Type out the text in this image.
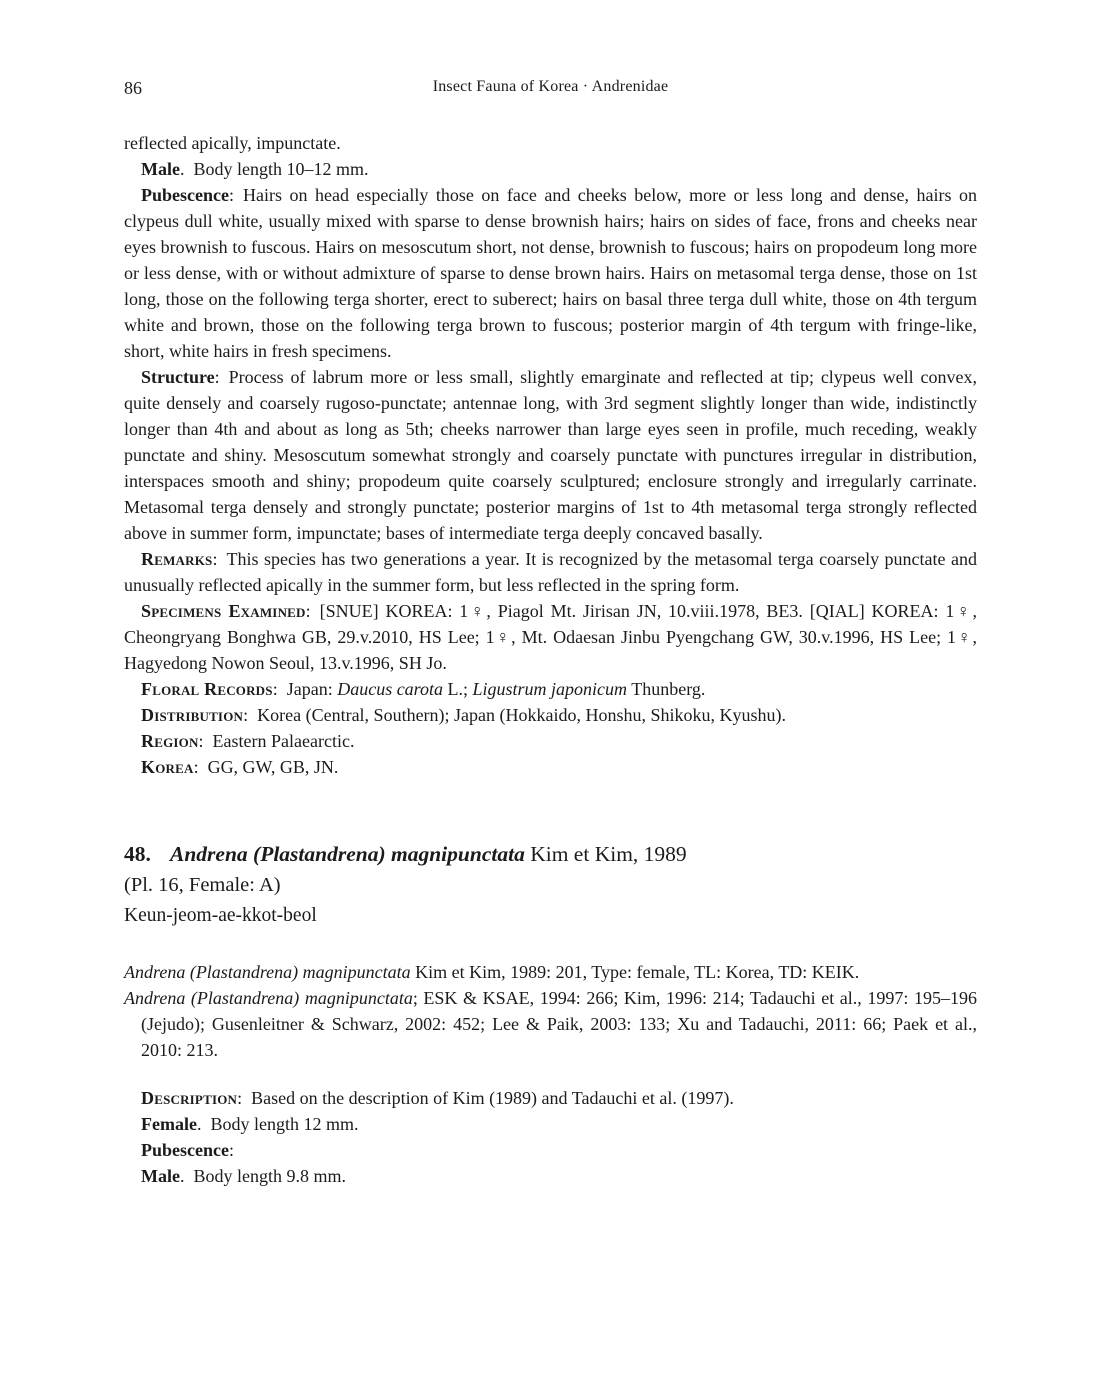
86	Insect Fauna of Korea · Andrenidae

reflected apically, impunctate.

Male. Body length 10–12 mm.

Pubescence: Hairs on head especially those on face and cheeks below, more or less long and dense, hairs on clypeus dull white, usually mixed with sparse to dense brownish hairs; hairs on sides of face, frons and cheeks near eyes brownish to fuscous. Hairs on mesoscutum short, not dense, brownish to fuscous; hairs on propodeum long more or less dense, with or without admixture of sparse to dense brown hairs. Hairs on metasomal terga dense, those on 1st long, those on the following terga shorter, erect to suberect; hairs on basal three terga dull white, those on 4th tergum white and brown, those on the following terga brown to fuscous; posterior margin of 4th tergum with fringe-like, short, white hairs in fresh specimens.

Structure: Process of labrum more or less small, slightly emarginate and reflected at tip; clypeus well convex, quite densely and coarsely rugoso-punctate; antennae long, with 3rd segment slightly longer than wide, indistinctly longer than 4th and about as long as 5th; cheeks narrower than large eyes seen in profile, much receding, weakly punctate and shiny. Mesoscutum somewhat strongly and coarsely punctate with punctures irregular in distribution, interspaces smooth and shiny; propodeum quite coarsely sculptured; enclosure strongly and irregularly carrinate. Metasomal terga densely and strongly punctate; posterior margins of 1st to 4th metasomal terga strongly reflected above in summer form, impunctate; bases of intermediate terga deeply concaved basally.

Remarks: This species has two generations a year. It is recognized by the metasomal terga coarsely punctate and unusually reflected apically in the summer form, but less reflected in the spring form.

Specimens Examined: [SNUE] KOREA: 1♀, Piagol Mt. Jirisan JN, 10.viii.1978, BE3. [QIAL] KOREA: 1♀, Cheongryang Bonghwa GB, 29.v.2010, HS Lee; 1♀, Mt. Odaesan Jinbu Pyengchang GW, 30.v.1996, HS Lee; 1♀, Hagyedong Nowon Seoul, 13.v.1996, SH Jo.

Floral Records: Japan: Daucus carota L.; Ligustrum japonicum Thunberg.

Distribution: Korea (Central, Southern); Japan (Hokkaido, Honshu, Shikoku, Kyushu).

Region: Eastern Palaearctic.

Korea: GG, GW, GB, JN.

48. Andrena (Plastandrena) magnipunctata Kim et Kim, 1989

(Pl. 16, Female: A)

Keun-jeom-ae-kkot-beol

Andrena (Plastandrena) magnipunctata Kim et Kim, 1989: 201, Type: female, TL: Korea, TD: KEIK.

Andrena (Plastandrena) magnipunctata; ESK & KSAE, 1994: 266; Kim, 1996: 214; Tadauchi et al., 1997: 195–196 (Jejudo); Gusenleitner & Schwarz, 2002: 452; Lee & Paik, 2003: 133; Xu and Tadauchi, 2011: 66; Paek et al., 2010: 213.

Description: Based on the description of Kim (1989) and Tadauchi et al. (1997).

Female. Body length 12 mm.

Pubescence:

Male. Body length 9.8 mm.
